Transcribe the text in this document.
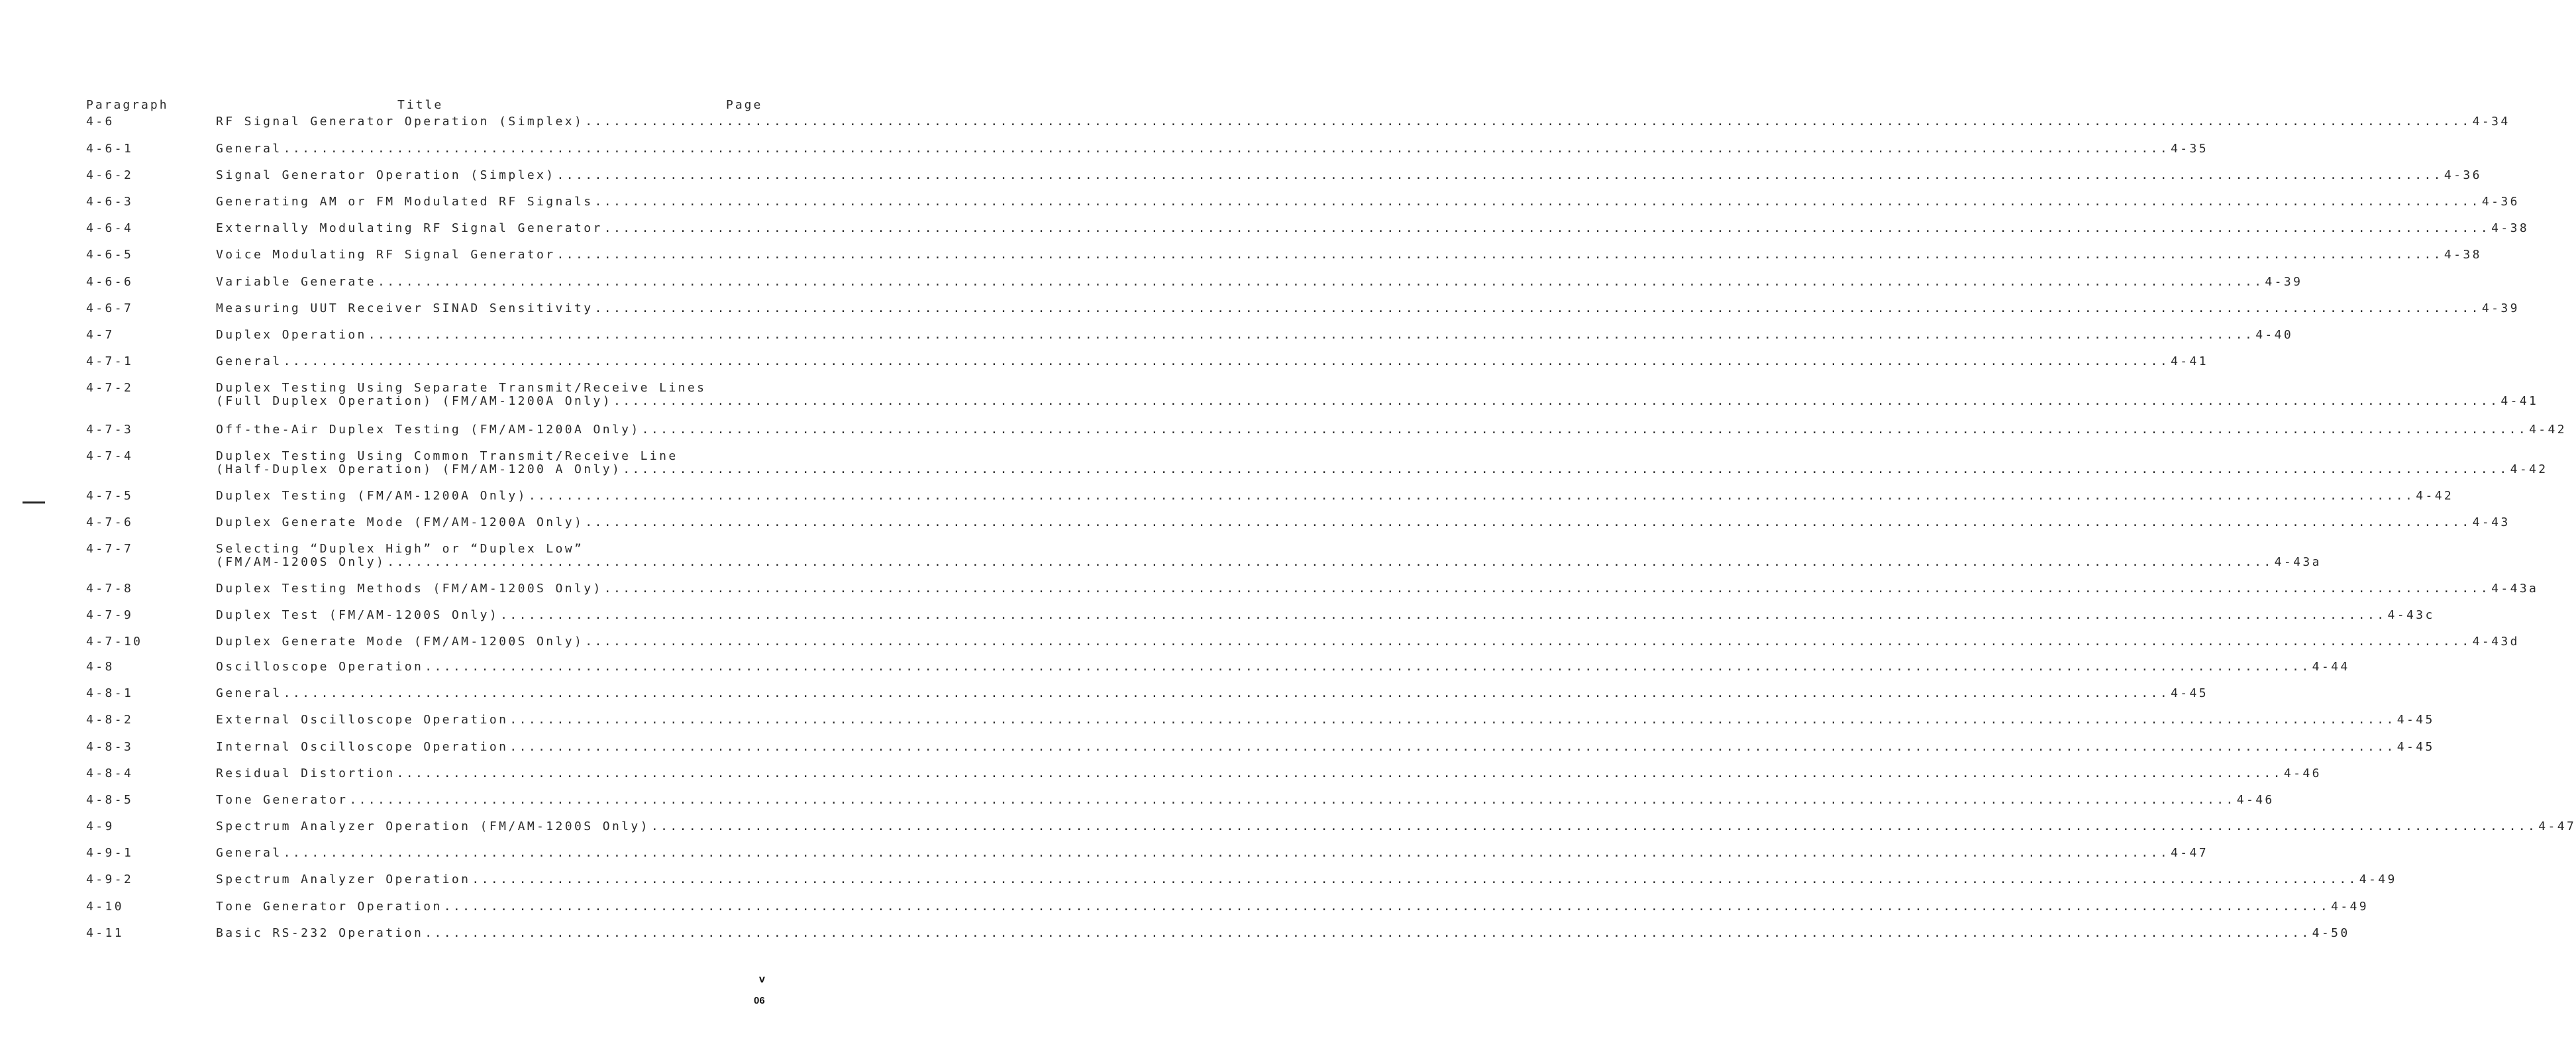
Paragraph	Title	Page
4-6	RF Signal Generator Operation (Simplex) ........................................................................................................................................................................................................ 4-34
4-6-1	General ........................................................................................................................................................................................................ 4-35
4-6-2	Signal Generator Operation (Simplex) ........................................................................................................................................................................................................ 4-36
4-6-3	Generating AM or FM Modulated RF Signals ........................................................................................................................................................................................................ 4-36
4-6-4	Externally Modulating RF Signal Generator ........................................................................................................................................................................................................ 4-38
4-6-5	Voice Modulating RF Signal Generator ........................................................................................................................................................................................................ 4-38
4-6-6	Variable Generate ........................................................................................................................................................................................................ 4-39
4-6-7	Measuring UUT Receiver SINAD Sensitivity ........................................................................................................................................................................................................ 4-39
4-7	Duplex Operation ........................................................................................................................................................................................................ 4-40
4-7-1	General ........................................................................................................................................................................................................ 4-41
4-7-2	Duplex Testing Using Separate Transmit/Receive Lines
(Full Duplex Operation) (FM/AM-1200A Only) ........................................................................................................................................................................................................ 4-41
4-7-3	Off-the-Air Duplex Testing (FM/AM-1200A Only) ........................................................................................................................................................................................................ 4-42
4-7-4	Duplex Testing Using Common Transmit/Receive Line
(Half-Duplex Operation) (FM/AM-1200 A Only) ........................................................................................................................................................................................................ 4-42
4-7-5	Duplex Testing (FM/AM-1200A Only) ........................................................................................................................................................................................................ 4-42
4-7-6	Duplex Generate Mode (FM/AM-1200A Only) ........................................................................................................................................................................................................ 4-43
4-7-7	Selecting “Duplex High” or “Duplex Low”
(FM/AM-1200S Only) ........................................................................................................................................................................................................ 4-43a
4-7-8	Duplex Testing Methods (FM/AM-1200S Only) ........................................................................................................................................................................................................ 4-43a
4-7-9	Duplex Test (FM/AM-1200S Only) ........................................................................................................................................................................................................ 4-43c
4-7-10	Duplex Generate Mode (FM/AM-1200S Only) ........................................................................................................................................................................................................ 4-43d
4-8	Oscilloscope Operation ........................................................................................................................................................................................................ 4-44
4-8-1	General ........................................................................................................................................................................................................ 4-45
4-8-2	External Oscilloscope Operation ........................................................................................................................................................................................................ 4-45
4-8-3	Internal Oscilloscope Operation ........................................................................................................................................................................................................ 4-45
4-8-4	Residual Distortion ........................................................................................................................................................................................................ 4-46
4-8-5	Tone Generator ........................................................................................................................................................................................................ 4-46
4-9	Spectrum Analyzer Operation (FM/AM-1200S Only) ........................................................................................................................................................................................................ 4-47
4-9-1	General ........................................................................................................................................................................................................ 4-47
4-9-2	Spectrum Analyzer Operation ........................................................................................................................................................................................................ 4-49
4-10	Tone Generator Operation ........................................................................................................................................................................................................ 4-49
4-11	Basic RS-232 Operation ........................................................................................................................................................................................................ 4-50
v
06
